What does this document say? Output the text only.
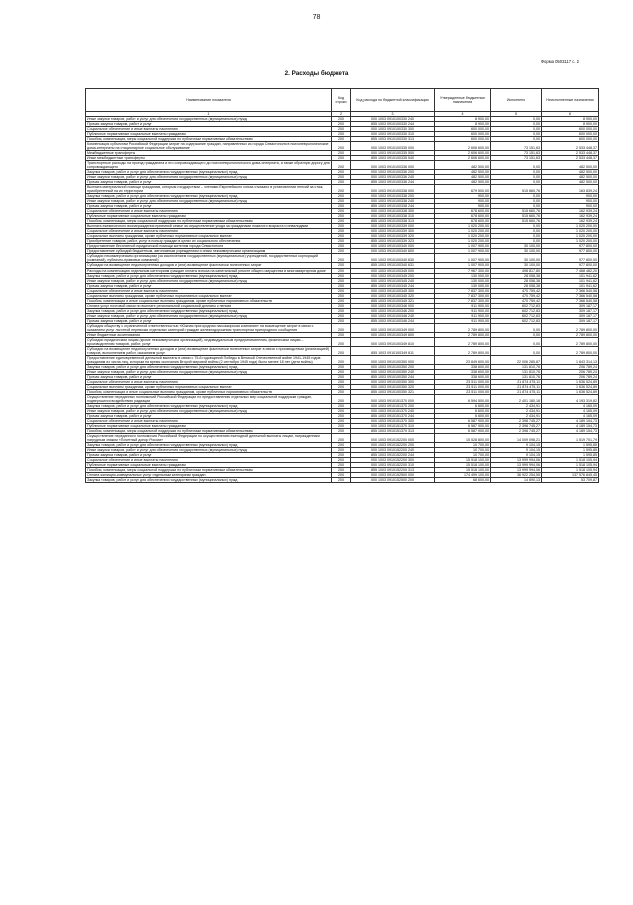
78
Форма 0503117 с. 2
2. Расходы бюджета
Наименование показателя	Код строки	Код расхода по бюджетной классификации	Утвержденные бюджетные назначения	Исполнено	Неисполненные назначения
1	2	3	4	5	6
Иные закупки товаров, работ и услуг для обеспечения государственных (муниципальных) нужд	200	000 1003 0910100330 240	8 900,00	0,00	8 900,00
Прочая закупка товаров, работ и услуг	200	855 1003 0910100330 244	8 900,00	0,00	8 900,00
Социальное обеспечение и иные выплаты населению	200	000 1003 0910100330 300	600 000,00	0,00	600 000,00
Публичные нормативные социальные выплаты гражданам	200	000 1003 0910100330 310	600 000,00	0,00	600 000,00
Пособия, компенсации, меры социальной поддержки по публичным нормативным обязательствам	200	855 1003 0910100330 313	600 000,00	0,00	600 000,00
Компенсация субъектам Российской Федерации затрат на содержание граждан, направленных из города Севастополя в психоневрологические дома-интернаты на стационарное социальное обслуживание	200	000 1003 0910100335 000	2 606 600,00	73 151,63	2 533 448,37
Межбюджетные трансферты	200	000 1003 0910100335 500	2 606 600,00	73 151,63	2 533 448,37
Иные межбюджетные трансферты	200	855 1003 0910100335 540	2 606 600,00	73 151,63	2 533 448,37
Транспортные расходы на проезд гражданина и его сопровождающего до психоневрологического дома-интерната, а также обратную дорогу для сопровождающего	200	000 1003 0910100336 000	482 500,00	0,00	482 500,00
Закупка товаров, работ и услуг для обеспечения государственных (муниципальных) нужд	200	000 1003 0910100336 200	482 500,00	0,00	482 500,00
Иные закупки товаров, работ и услуг для обеспечения государственных (муниципальных) нужд	200	000 1003 0910100336 240	482 500,00	0,00	482 500,00
Прочая закупка товаров, работ и услуг	200	855 1003 0910100336 244	482 500,00	0,00	482 500,00
Выплата материальной помощи гражданам, которым государством – членами Европейского союза отказано в установлении пенсий за стаж, приобретенный на их территории	200	000 1003 0910100338 000	679 500,00	515 660,76	163 839,24
Закупка товаров, работ и услуг для обеспечения государственных (муниципальных) нужд	200	000 1003 0910100338 200	900,00	0,00	900,00
Иные закупки товаров, работ и услуг для обеспечения государственных (муниципальных) нужд	200	000 1003 0910100338 240	900,00	0,00	900,00
Прочая закупка товаров, работ и услуг	200	855 1003 0910100338 244	900,00	0,00	900,00
Социальное обеспечение и иные выплаты населению	200	000 1003 0910100338 300	678 600,00	515 660,76	162 939,24
Публичные нормативные социальные выплаты гражданам	200	000 1003 0910100338 310	678 600,00	515 660,76	162 939,24
Пособия, компенсации, меры социальной поддержки по публичным нормативным обязательствам	200	855 1003 0910100338 313	678 600,00	515 660,76	162 939,24
Выплата ежемесячного вознаграждения приемной семье за осуществление ухода за гражданами пожилого возраста и инвалидами	200	000 1003 0910100339 000	1 020 200,00	0,00	1 020 200,00
Социальное обеспечение и иные выплаты населению	200	000 1003 0910100339 300	1 020 200,00	0,00	1 020 200,00
Социальные выплаты гражданам, кроме публичных нормативных социальных выплат	200	000 1003 0910100339 320	1 020 200,00	0,00	1 020 200,00
Приобретение товаров, работ, услуг в пользу граждан в целях их социального обеспечения	200	855 1003 0910100339 323	1 020 200,00	0,00	1 020 200,00
Предоставление бесплатной юридической помощи жителям города Севастополя	200	000 1003 0910100340 000	1 007 900,00	30 100,00	977 800,00
Предоставление субсидий бюджетным, автономным учреждениям и иным некоммерческим организациям	200	000 1003 0910100340 600	1 007 900,00	30 100,00	977 800,00
Субсидии некоммерческим организациям (за исключением государственных (муниципальных) учреждений, государственных корпораций (компаний), публично-правовых компаний)	200	000 1003 0910100340 630	1 007 900,00	30 100,00	977 800,00
Субсидии на возмещение недополученных доходов и (или) возмещение фактически понесенных затрат	200	855 1003 0910100340 631	1 007 900,00	30 100,00	977 800,00
Расходы на компенсацию отдельным категориям граждан оплаты взноса на капитальный ремонт общего имущества в многоквартирном доме	200	000 1003 0910100345 000	7 967 300,00	498 817,80	7 468 482,20
Закупка товаров, работ и услуг для обеспечения государственных (муниципальных) нужд	200	000 1003 0910100345 200	130 000,00	28 058,38	101 941,62
Иные закупки товаров, работ и услуг для обеспечения государственных (муниципальных) нужд	200	000 1003 0910100345 240	130 000,00	28 058,38	101 941,62
Прочая закупка товаров, работ и услуг	200	855 1003 0910100345 244	130 000,00	28 058,38	101 941,62
Социальное обеспечение и иные выплаты населению	200	000 1003 0910100345 300	7 837 300,00	470 759,42	7 366 540,58
Социальные выплаты гражданам, кроме публичных нормативных социальных выплат	200	000 1003 0910100345 320	7 837 300,00	470 759,42	7 366 540,58
Пособия, компенсации и иные социальные выплаты гражданам, кроме публичных нормативных обязательств	200	855 1003 0910100345 321	7 837 300,00	470 759,42	7 366 540,58
Оплата услуг почтовой связи по выплате региональной социальной доплаты к пенсии	200	000 1003 0910100346 000	911 900,00	602 712,83	309 187,17
Закупка товаров, работ и услуг для обеспечения государственных (муниципальных) нужд	200	000 1003 0910100346 200	911 900,00	602 712,83	309 187,17
Иные закупки товаров, работ и услуг для обеспечения государственных (муниципальных) нужд	200	000 1003 0910100346 240	911 900,00	602 712,83	309 187,17
Прочая закупка товаров, работ и услуг	200	855 1003 0910100346 244	911 900,00	602 712,83	309 187,17
Субсидия обществу с ограниченной ответственностью «Южная пригородная пассажирская компания» на возмещение затрат в связи с оказанием услуг льготной перевозки отдельных категорий граждан железнодорожным транспортом пригородного сообщения	200	000 1003 0910100349 000	2 789 800,00	0,00	2 789 800,00
Иные бюджетные ассигнования	200	000 1003 0910100349 800	2 789 800,00	0,00	2 789 800,00
Субсидии юридическим лицам (кроме некоммерческих организаций), индивидуальным предпринимателям, физическим лицам – производителям товаров, работ, услуг	200	000 1003 0910100349 810	2 789 800,00	0,00	2 789 800,00
Субсидии на возмещение недополученных доходов и (или) возмещение фактически понесенных затрат в связи с производством (реализацией) товаров, выполнением работ, оказанием услуг	200	855 1003 0910100349 811	2 789 800,00	0,00	2 789 800,00
Предоставление единовременной денежной выплаты в связи с 75-й годовщиной Победы в Великой Отечественной войне 1941-1945 годов гражданам из числа лиц, которым на время окончания Второй мировой войны (2 сентября 1945 года) было менее 18 лет (дети войны)	200	000 1003 0910100350 000	23 849 600,00	22 006 285,87	1 843 314,13
Закупка товаров, работ и услуг для обеспечения государственных (муниципальных) нужд	200	000 1003 0910100350 200	338 600,00	131 810,76	206 789,24
Иные закупки товаров, работ и услуг для обеспечения государственных (муниципальных) нужд	200	000 1003 0910100350 240	338 600,00	131 810,76	206 789,24
Прочая закупка товаров, работ и услуг	200	855 1003 0910100350 244	338 600,00	131 810,76	206 789,24
Социальное обеспечение и иные выплаты населению	200	000 1003 0910100350 300	23 511 000,00	21 874 475,11	1 636 524,89
Социальные выплаты гражданам, кроме публичных нормативных социальных выплат	200	000 1003 0910100350 320	23 511 000,00	21 874 475,11	1 636 524,89
Пособия, компенсации и иные социальные выплаты гражданам, кроме публичных нормативных обязательств	200	855 1003 0910100350 321	23 511 000,00	21 874 475,11	1 636 524,89
Осуществление переданных полномочий Российской Федерации по предоставлению отдельных мер социальной поддержки граждан, подвергшихся воздействию радиации	200	000 1003 0910151370 000	6 594 500,00	2 401 180,18	4 193 319,82
Закупка товаров, работ и услуг для обеспечения государственных (муниципальных) нужд	200	000 1003 0910151370 200	6 600,00	2 434,91	4 165,09
Иные закупки товаров, работ и услуг для обеспечения государственных (муниципальных) нужд	200	000 1003 0910151370 240	6 600,00	2 434,91	4 165,09
Прочая закупка товаров, работ и услуг	200	855 1003 0910151370 244	6 600,00	2 434,91	4 165,09
Социальное обеспечение и иные выплаты населению	200	000 1003 0910151370 300	6 587 900,00	2 398 745,27	4 189 154,73
Публичные нормативные социальные выплаты гражданам	200	000 1003 0910151370 310	6 587 900,00	2 398 745,27	4 189 154,73
Пособия, компенсации, меры социальной поддержки по публичным нормативным обязательствам	200	855 1003 0910151370 313	6 587 900,00	2 398 745,27	4 189 154,73
Осуществление переданного полномочия Российской Федерации по осуществлению ежегодной денежной выплаты лицам, награжденным нагрудным знаком «Почетный донор России»	200	000 1003 0910152200 000	15 528 800,00	14 009 098,21	1 519 701,79
Закупка товаров, работ и услуг для обеспечения государственных (муниципальных) нужд	200	000 1003 0910152200 200	10 700,00	9 104,15	1 595,85
Иные закупки товаров, работ и услуг для обеспечения государственных (муниципальных) нужд	200	000 1003 0910152200 240	10 700,00	9 104,15	1 595,85
Прочая закупка товаров, работ и услуг	200	855 1003 0910152200 244	10 700,00	9 104,15	1 595,85
Социальное обеспечение и иные выплаты населению	200	000 1003 0910152200 300	15 518 100,00	13 999 994,06	1 518 105,94
Публичные нормативные социальные выплаты гражданам	200	000 1003 0910152200 310	15 518 100,00	13 999 994,06	1 518 105,94
Пособия, компенсации, меры социальной поддержки по публичным нормативным обязательствам	200	855 1003 0910152200 313	15 518 100,00	13 999 994,06	1 518 105,94
Оплата жилищно-коммунальных услуг отдельным категориям граждан	200	000 1003 0910152500 000	174 499 100,00	36 922 254,55	137 576 845,45
Закупка товаров, работ и услуг для обеспечения государственных (муниципальных) нужд	200	000 1003 0910152500 200	68 600,00	14 890,13	53 709,87
